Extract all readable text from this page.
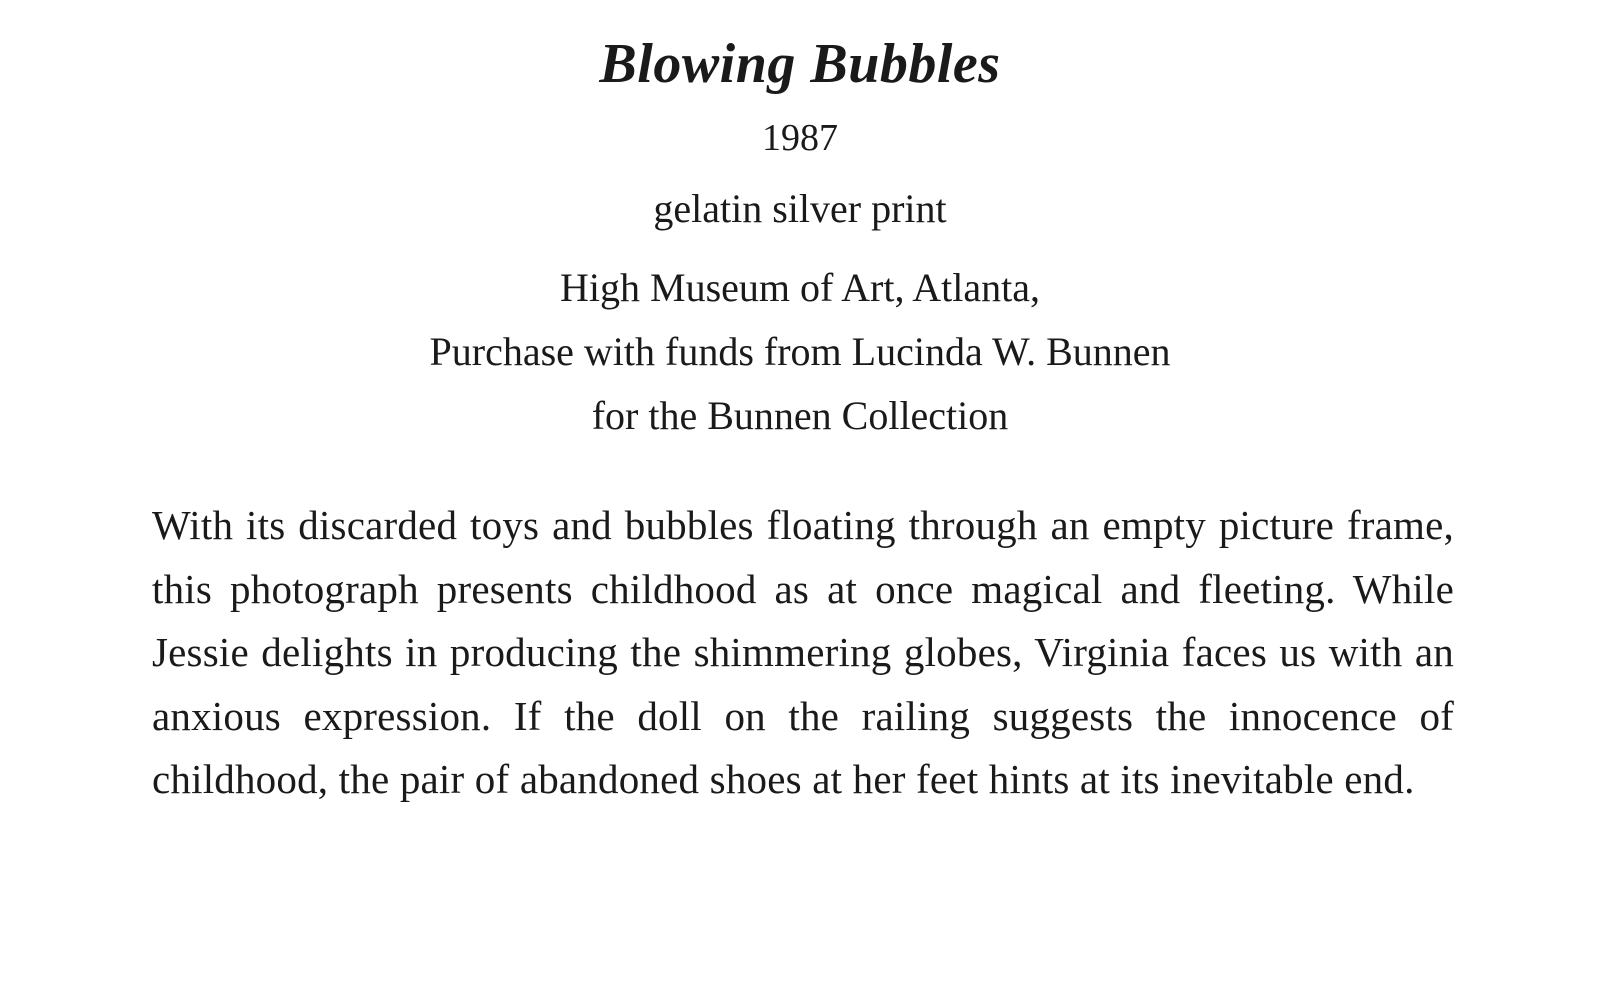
Blowing Bubbles
1987
gelatin silver print
High Museum of Art, Atlanta,
Purchase with funds from Lucinda W. Bunnen
for the Bunnen Collection

With its discarded toys and bubbles floating through an empty picture frame, this photograph presents childhood as at once magical and fleeting. While Jessie delights in producing the shimmering globes, Virginia faces us with an anxious expression. If the doll on the railing suggests the innocence of childhood, the pair of abandoned shoes at her feet hints at its inevitable end.
